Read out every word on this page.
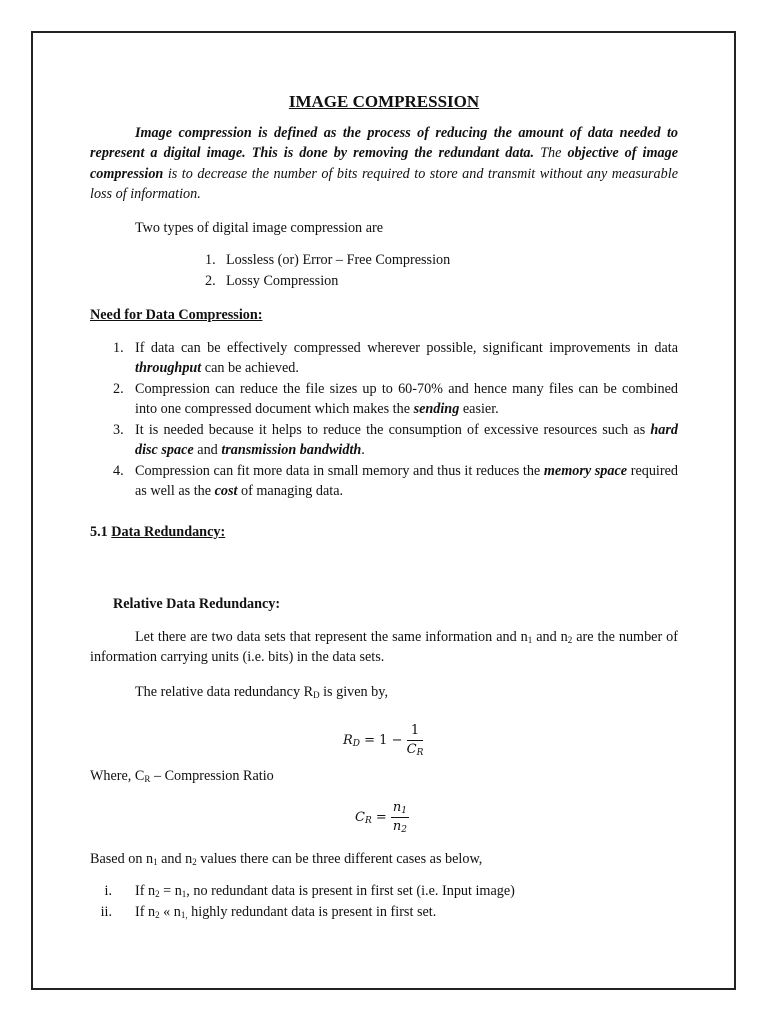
IMAGE COMPRESSION

Image compression is defined as the process of reducing the amount of data needed to represent a digital image. This is done by removing the redundant data. The objective of image compression is to decrease the number of bits required to store and transmit without any measurable loss of information.

Two types of digital image compression are

1. Lossless (or) Error – Free Compression
2. Lossy Compression

Need for Data Compression:

1. If data can be effectively compressed wherever possible, significant improvements in data throughput can be achieved.
2. Compression can reduce the file sizes up to 60-70% and hence many files can be combined into one compressed document which makes the sending easier.
3. It is needed because it helps to reduce the consumption of excessive resources such as hard disc space and transmission bandwidth.
4. Compression can fit more data in small memory and thus it reduces the memory space required as well as the cost of managing data.

5.1 Data Redundancy:

Relative Data Redundancy:

Let there are two data sets that represent the same information and $n_1$ and $n_2$ are the number of information carrying units (i.e. bits) in the data sets.

The relative data redundancy $R_D$ is given by,

$R_D = 1 - \frac{1}{C_R}$

Where, $C_R$ – Compression Ratio

$C_R = \frac{n_1}{n_2}$

Based on $n_1$ and $n_2$ values there can be three different cases as below,

i. If $n_2 = n_1$, no redundant data is present in first set (i.e. Input image)
ii. If $n_2$ « $n_{1,}$ highly redundant data is present in first set.
